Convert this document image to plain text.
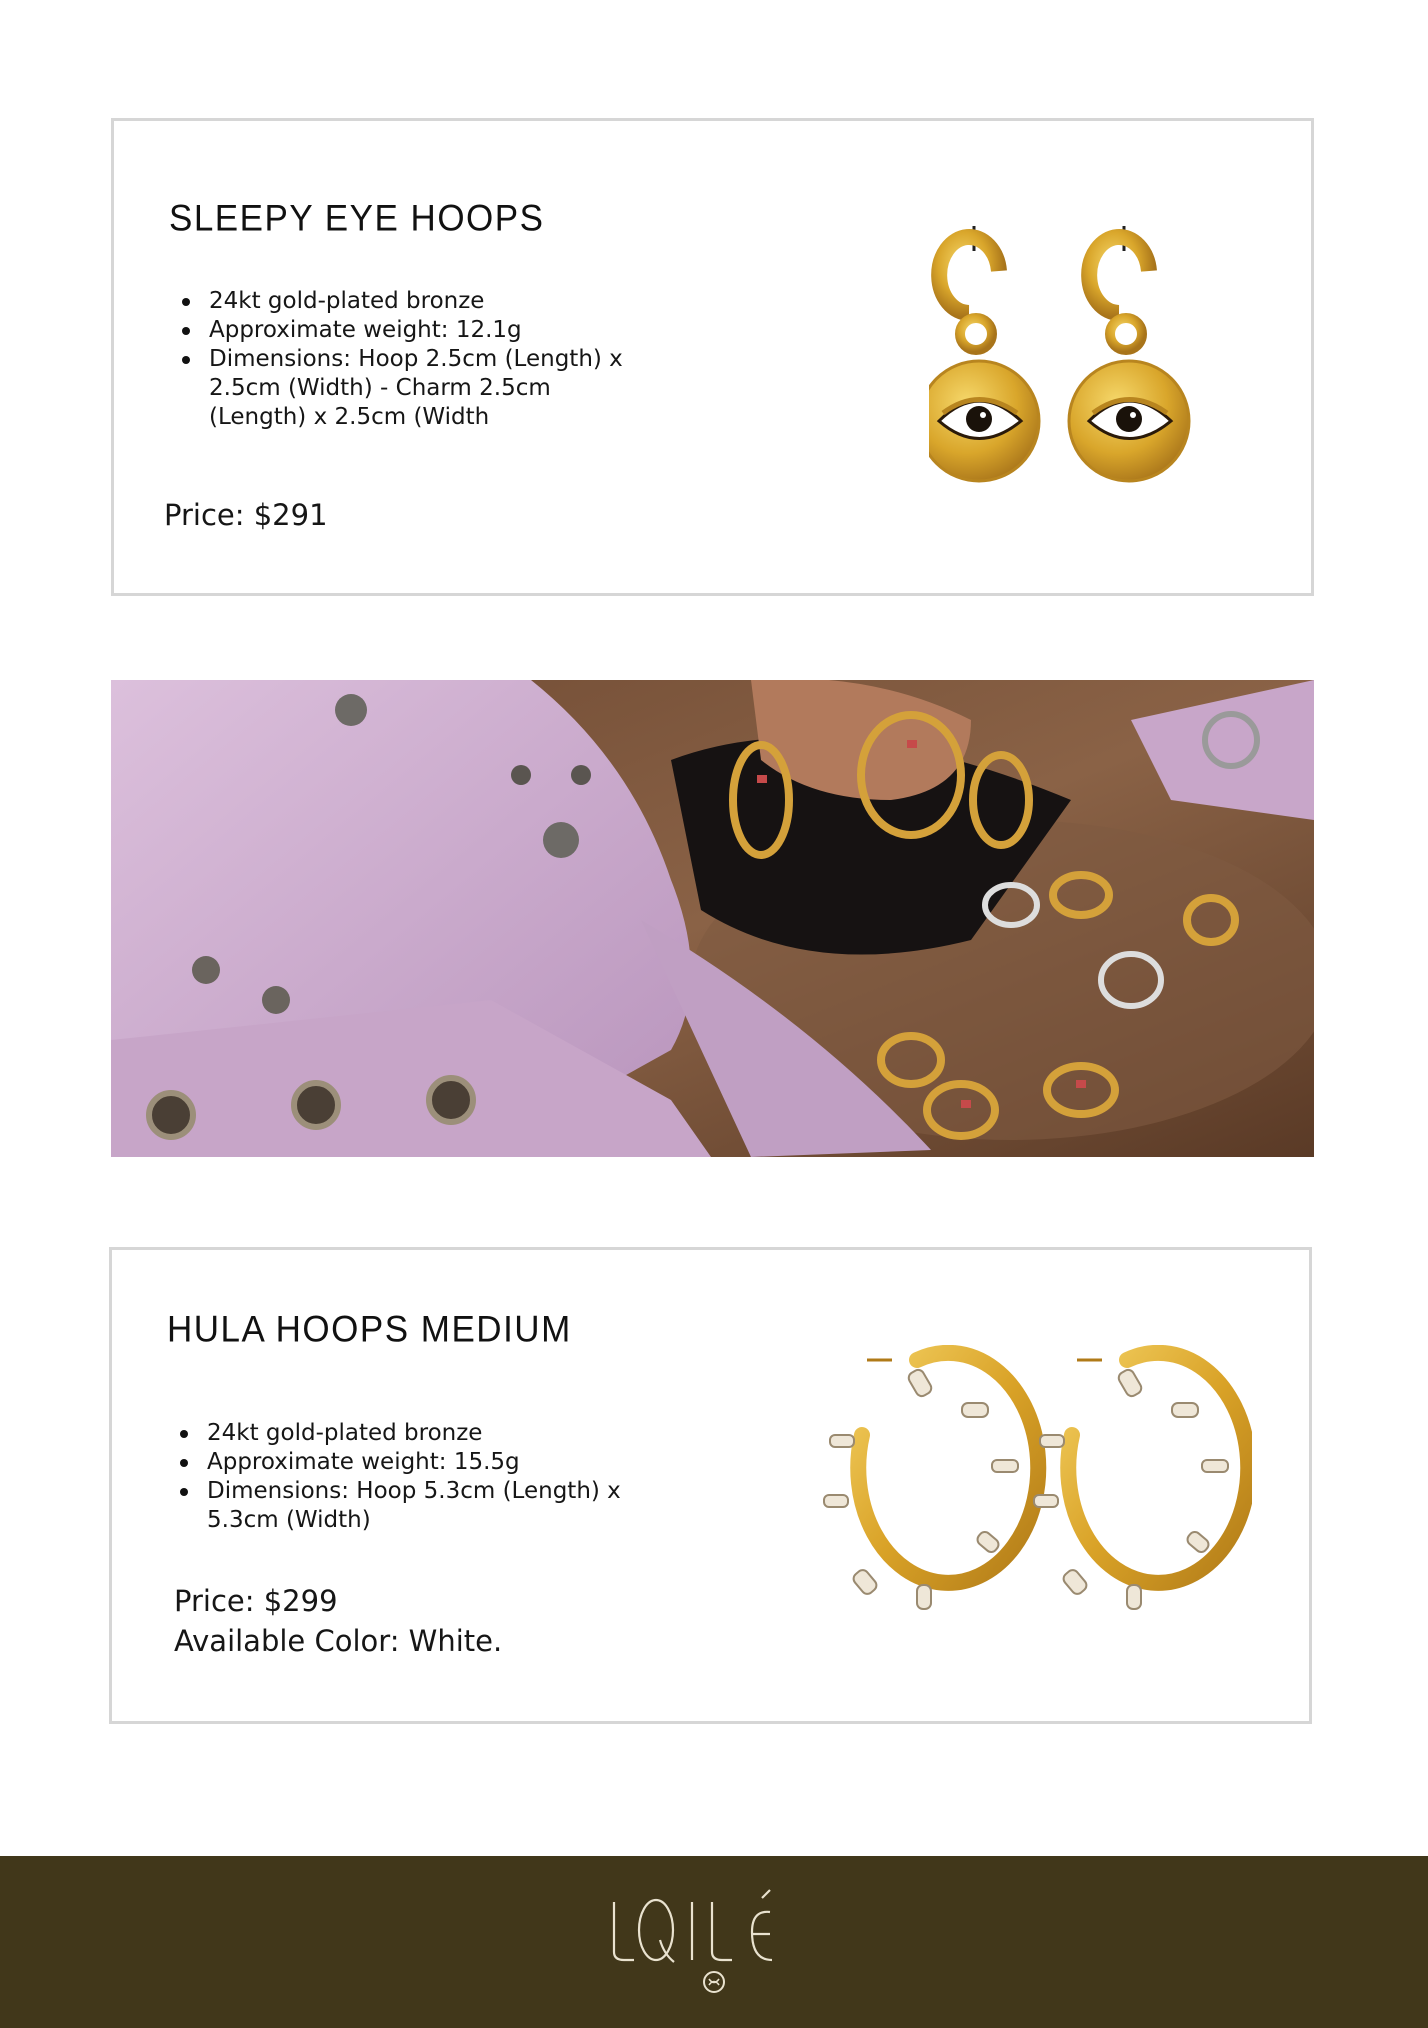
SLEEPY EYE HOOPS
24kt gold-plated bronze
Approximate weight: 12.1g
Dimensions: Hoop 2.5cm (Length) x 2.5cm (Width) - Charm 2.5cm (Length) x 2.5cm (Width
Price: $291
HULA HOOPS MEDIUM
24kt gold-plated bronze
Approximate weight: 15.5g
Dimensions: Hoop 5.3cm (Length) x 5.3cm (Width)
Price: $299
Available Color: White.
